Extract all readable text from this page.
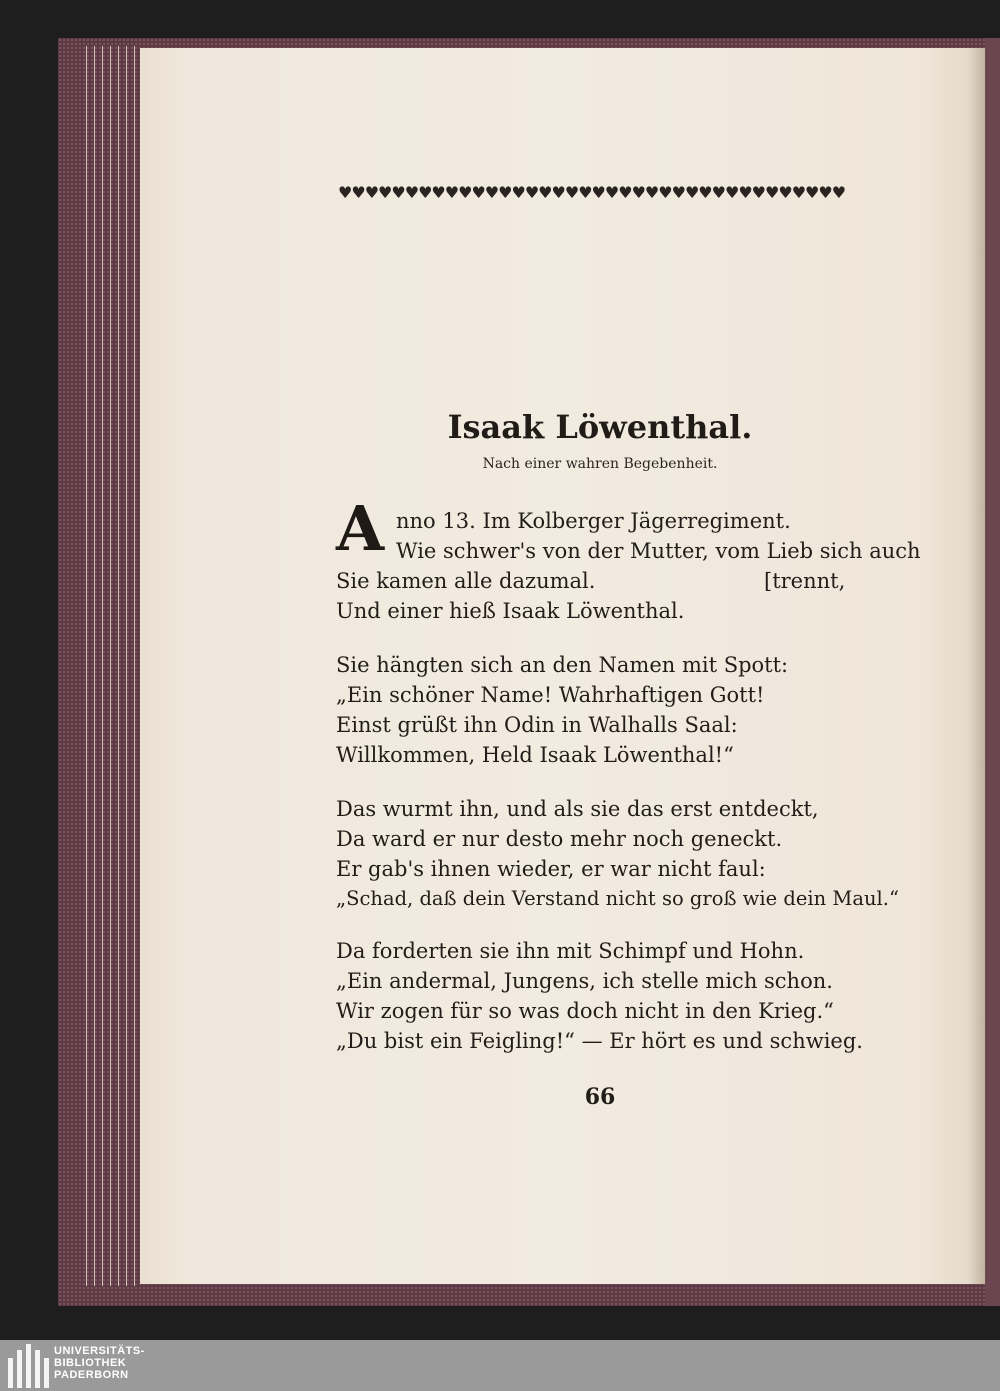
♥♥♥♥♥♥♥♥♥♥♥♥♥♥♥♥♥♥♥♥♥♥♥♥♥♥♥♥♥♥♥♥♥♥♥♥♥♥
Isaak Löwenthal.
Nach einer wahren Begebenheit.
A nno 13. Im Kolberger Jägerregiment.
Wie schwer's von der Mutter, vom Lieb sich auch
Sie kamen alle dazumal.
Und einer hieß Isaak Löwenthal.
[trennt,
Sie hängten sich an den Namen mit Spott:
„Ein schöner Name! Wahrhaftigen Gott!
Einst grüßt ihn Odin in Walhalls Saal:
Willkommen, Held Isaak Löwenthal!“
Das wurmt ihn, und als sie das erst entdeckt,
Da ward er nur desto mehr noch geneckt.
Er gab's ihnen wieder, er war nicht faul:
„Schad, daß dein Verstand nicht so groß wie dein Maul.“
Da forderten sie ihn mit Schimpf und Hohn.
„Ein andermal, Jungens, ich stelle mich schon.
Wir zogen für so was doch nicht in den Krieg.“
„Du bist ein Feigling!“ — Er hört es und schwieg.
66
UNIVERSITÄTS-
BIBLIOTHEK
PADERBORN
